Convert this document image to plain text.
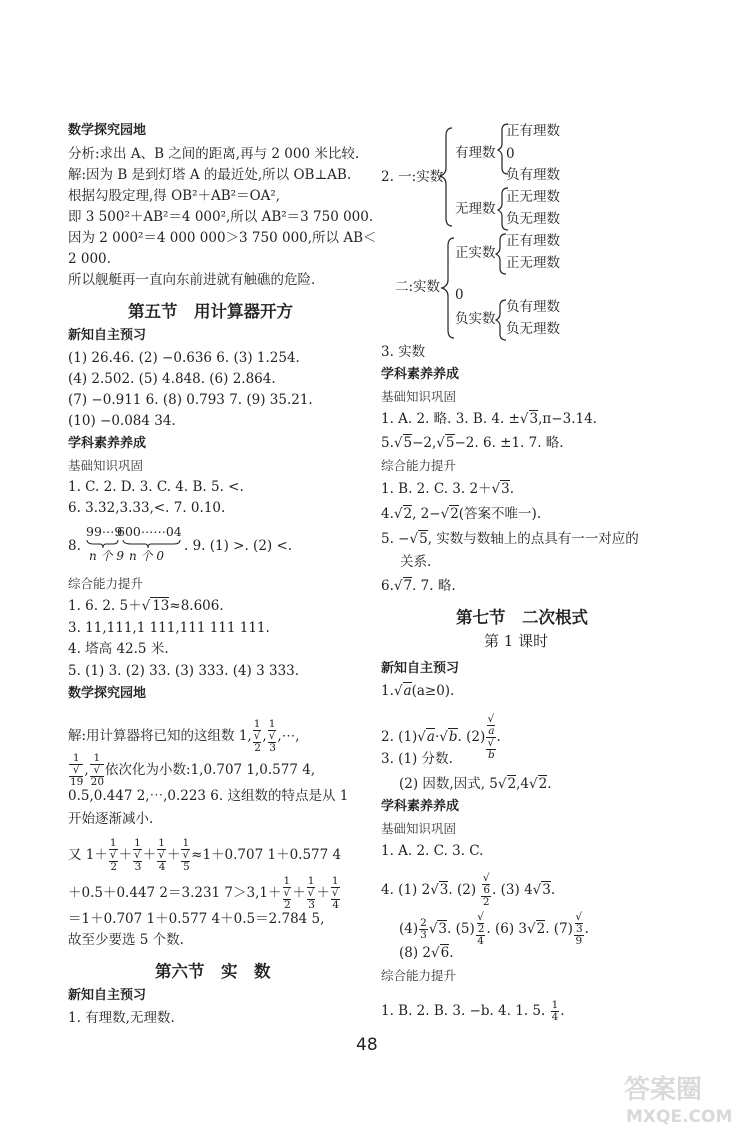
数学探究园地
分析:求出 A、B 之间的距离,再与 2 000 米比较.
解:因为 B 是到灯塔 A 的最近处,所以 OB⊥AB.
根据勾股定理,得 OB²＋AB²＝OA²,
即 3 500²＋AB²＝4 000²,所以 AB²＝3 750 000.
因为 2 000²＝4 000 000＞3 750 000,所以 AB＜
2 000.
所以舰艇再一直向东前进就有触礁的危险.
第五节　用计算器开方
新知自主预习
(1) 26.46. (2) −0.636 6. (3) 1.254.
(4) 2.502. (5) 4.848. (6) 2.864.
(7) −0.911 6. (8) 0.793 7. (9) 35.21.
(10) −0.084 34.
学科素养养成
基础知识巩固
1. C. 2. D. 3. C. 4. B. 5. <.
6. 3.32,3.33,<. 7. 0.10.
8.
99⋯9
600⋯⋯04
n 个 9 n 个 0
. 9. (1) >. (2) <.
综合能力提升
1. 6. 2. 5＋√ 13≈8.606.
3. 11,111,1 111,111 111 111.
4. 塔高 42.5 米.
5. (1) 3. (2) 33. (3) 333. (4) 3 333.
数学探究园地
解:用计算器将已知的这组数 1, 1
√
2 , 1
√
3 ,⋯,
1
√
19 , 1
√
20 依次化为小数:1,0.707 1,0.577 4,
0.5,0.447 2,⋯,0.223 6. 这组数的特点是从 1
开始逐渐减小.
又 1＋ 1
√
2 ＋ 1
√
3 ＋ 1
√
4 ＋ 1
√
5 ≈1＋0.707 1＋0.577 4
＋0.5＋0.447 2＝3.231 7＞3,1＋ 1
√
2 ＋ 1
√
3 ＋ 1
√
4
＝1＋0.707 1＋0.577 4＋0.5＝2.784 5,
故至少要选 5 个数.
第六节　实　数
新知自主预习
1. 有理数,无理数.
2. 一:实数
有理数
无理数
正有理数
0
负有理数
正无理数
负无理数
二:实数
正实数
0
负实数
正有理数
正无理数
负有理数
负无理数
3. 实数
学科素养养成
基础知识巩固
1. A. 2. 略. 3. B. 4. ±√3,π−3.14.
5.√5−2,√5−2. 6. ±1. 7. 略.
综合能力提升
1. B. 2. C. 3. 2＋√3.
4.√2, 2−√2(答案不唯一).
5. −√5, 实数与数轴上的点具有一一对应的
关系.
6.√7. 7. 略.
第七节　二次根式
第 1 课时
新知自主预习
1.√a(a≥0).
2. (1)√a·√b. (2) √
a
√
b .
3. (1) 分数.
(2) 因数,因式, 5√2,4√2.
学科素养养成
基础知识巩固
1. A. 2. C. 3. C.
4. (1) 2√3. (2) √
6
2 . (3) 4√3.
$(4) \frac{2}{3} √3$. (5) √
2
4 . (6) 3√2. (7) √
3
9 .
(8) 2√6.
综合能力提升
1. B. 2. B. 3. −b. 4. 1. 5. $\frac{1}{4}$ .
48
答案圈
MXQE.COM
